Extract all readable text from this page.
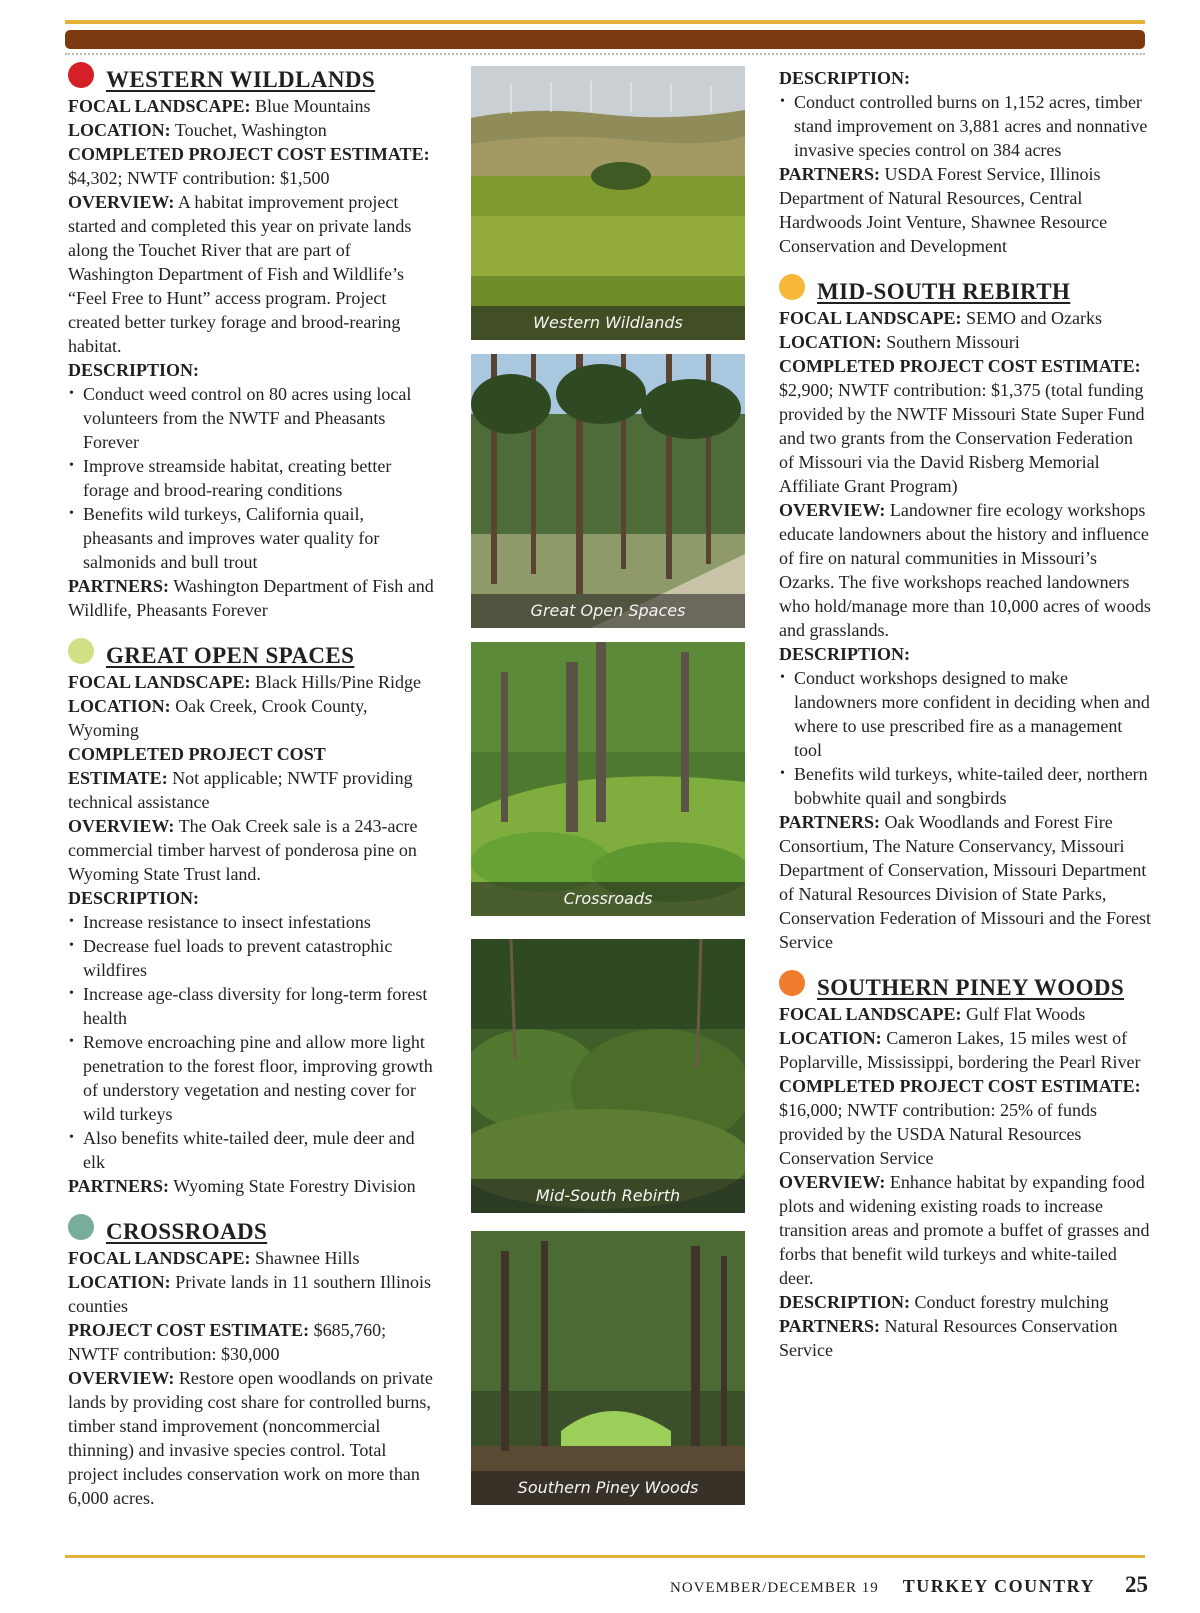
WESTERN WILDLANDS

FOCAL LANDSCAPE: Blue Mountains

LOCATION: Touchet, Washington

COMPLETED PROJECT COST ESTIMATE:

$4,302; NWTF contribution: $1,500

OVERVIEW: A habitat improvement project started and completed this year on private lands along the Touchet River that are part of Washington Department of Fish and Wildlife’s “Feel Free to Hunt” access program. Project created better turkey forage and brood-rearing habitat.

DESCRIPTION:

• Conduct weed control on 80 acres using local volunteers from the NWTF and Pheasants Forever
• Improve streamside habitat, creating better forage and brood-rearing conditions
• Benefits wild turkeys, California quail, pheasants and improves water quality for salmonids and bull trout

PARTNERS: Washington Department of Fish and Wildlife, Pheasants Forever

GREAT OPEN SPACES

FOCAL LANDSCAPE: Black Hills/Pine Ridge

LOCATION: Oak Creek, Crook County, Wyoming

COMPLETED PROJECT COST

ESTIMATE: Not applicable; NWTF providing technical assistance

OVERVIEW: The Oak Creek sale is a 243-acre commercial timber harvest of ponderosa pine on Wyoming State Trust land.

DESCRIPTION:

• Increase resistance to insect infestations
• Decrease fuel loads to prevent catastrophic wildfires
• Increase age-class diversity for long-term forest health
• Remove encroaching pine and allow more light penetration to the forest floor, improving growth of understory vegetation and nesting cover for wild turkeys
• Also benefits white-tailed deer, mule deer and elk

PARTNERS: Wyoming State Forestry Division

CROSSROADS

FOCAL LANDSCAPE: Shawnee Hills

LOCATION: Private lands in 11 southern Illinois counties

PROJECT COST ESTIMATE: $685,760; NWTF contribution: $30,000

OVERVIEW: Restore open woodlands on private lands by providing cost share for controlled burns, timber stand improvement (noncommercial thinning) and invasive species control. Total project includes conservation work on more than 6,000 acres.

Western Wildlands
Great Open Spaces
Crossroads
Mid-South Rebirth
Southern Piney Woods

DESCRIPTION:

• Conduct controlled burns on 1,152 acres, timber stand improvement on 3,881 acres and nonnative invasive species control on 384 acres

PARTNERS: USDA Forest Service, Illinois Department of Natural Resources, Central Hardwoods Joint Venture, Shawnee Resource Conservation and Development

MID-SOUTH REBIRTH

FOCAL LANDSCAPE: SEMO and Ozarks

LOCATION: Southern Missouri

COMPLETED PROJECT COST ESTIMATE:

$2,900; NWTF contribution: $1,375 (total funding provided by the NWTF Missouri State Super Fund and two grants from the Conservation Federation of Missouri via the David Risberg Memorial Affiliate Grant Program)

OVERVIEW: Landowner fire ecology workshops educate landowners about the history and influence of fire on natural communities in Missouri’s Ozarks. The five workshops reached landowners who hold/manage more than 10,000 acres of woods and grasslands.

DESCRIPTION:

• Conduct workshops designed to make landowners more confident in deciding when and where to use prescribed fire as a management tool
• Benefits wild turkeys, white-tailed deer, northern bobwhite quail and songbirds

PARTNERS: Oak Woodlands and Forest Fire Consortium, The Nature Conservancy, Missouri Department of Conservation, Missouri Department of Natural Resources Division of State Parks, Conservation Federation of Missouri and the Forest Service

SOUTHERN PINEY WOODS

FOCAL LANDSCAPE: Gulf Flat Woods

LOCATION: Cameron Lakes, 15 miles west of Poplarville, Mississippi, bordering the Pearl River

COMPLETED PROJECT COST ESTIMATE:

$16,000; NWTF contribution: 25% of funds provided by the USDA Natural Resources Conservation Service

OVERVIEW: Enhance habitat by expanding food plots and widening existing roads to increase transition areas and promote a buffet of grasses and forbs that benefit wild turkeys and white-tailed deer.

DESCRIPTION: Conduct forestry mulching

PARTNERS: Natural Resources Conservation Service

NOVEMBER/DECEMBER 19 TURKEY COUNTRY 25
